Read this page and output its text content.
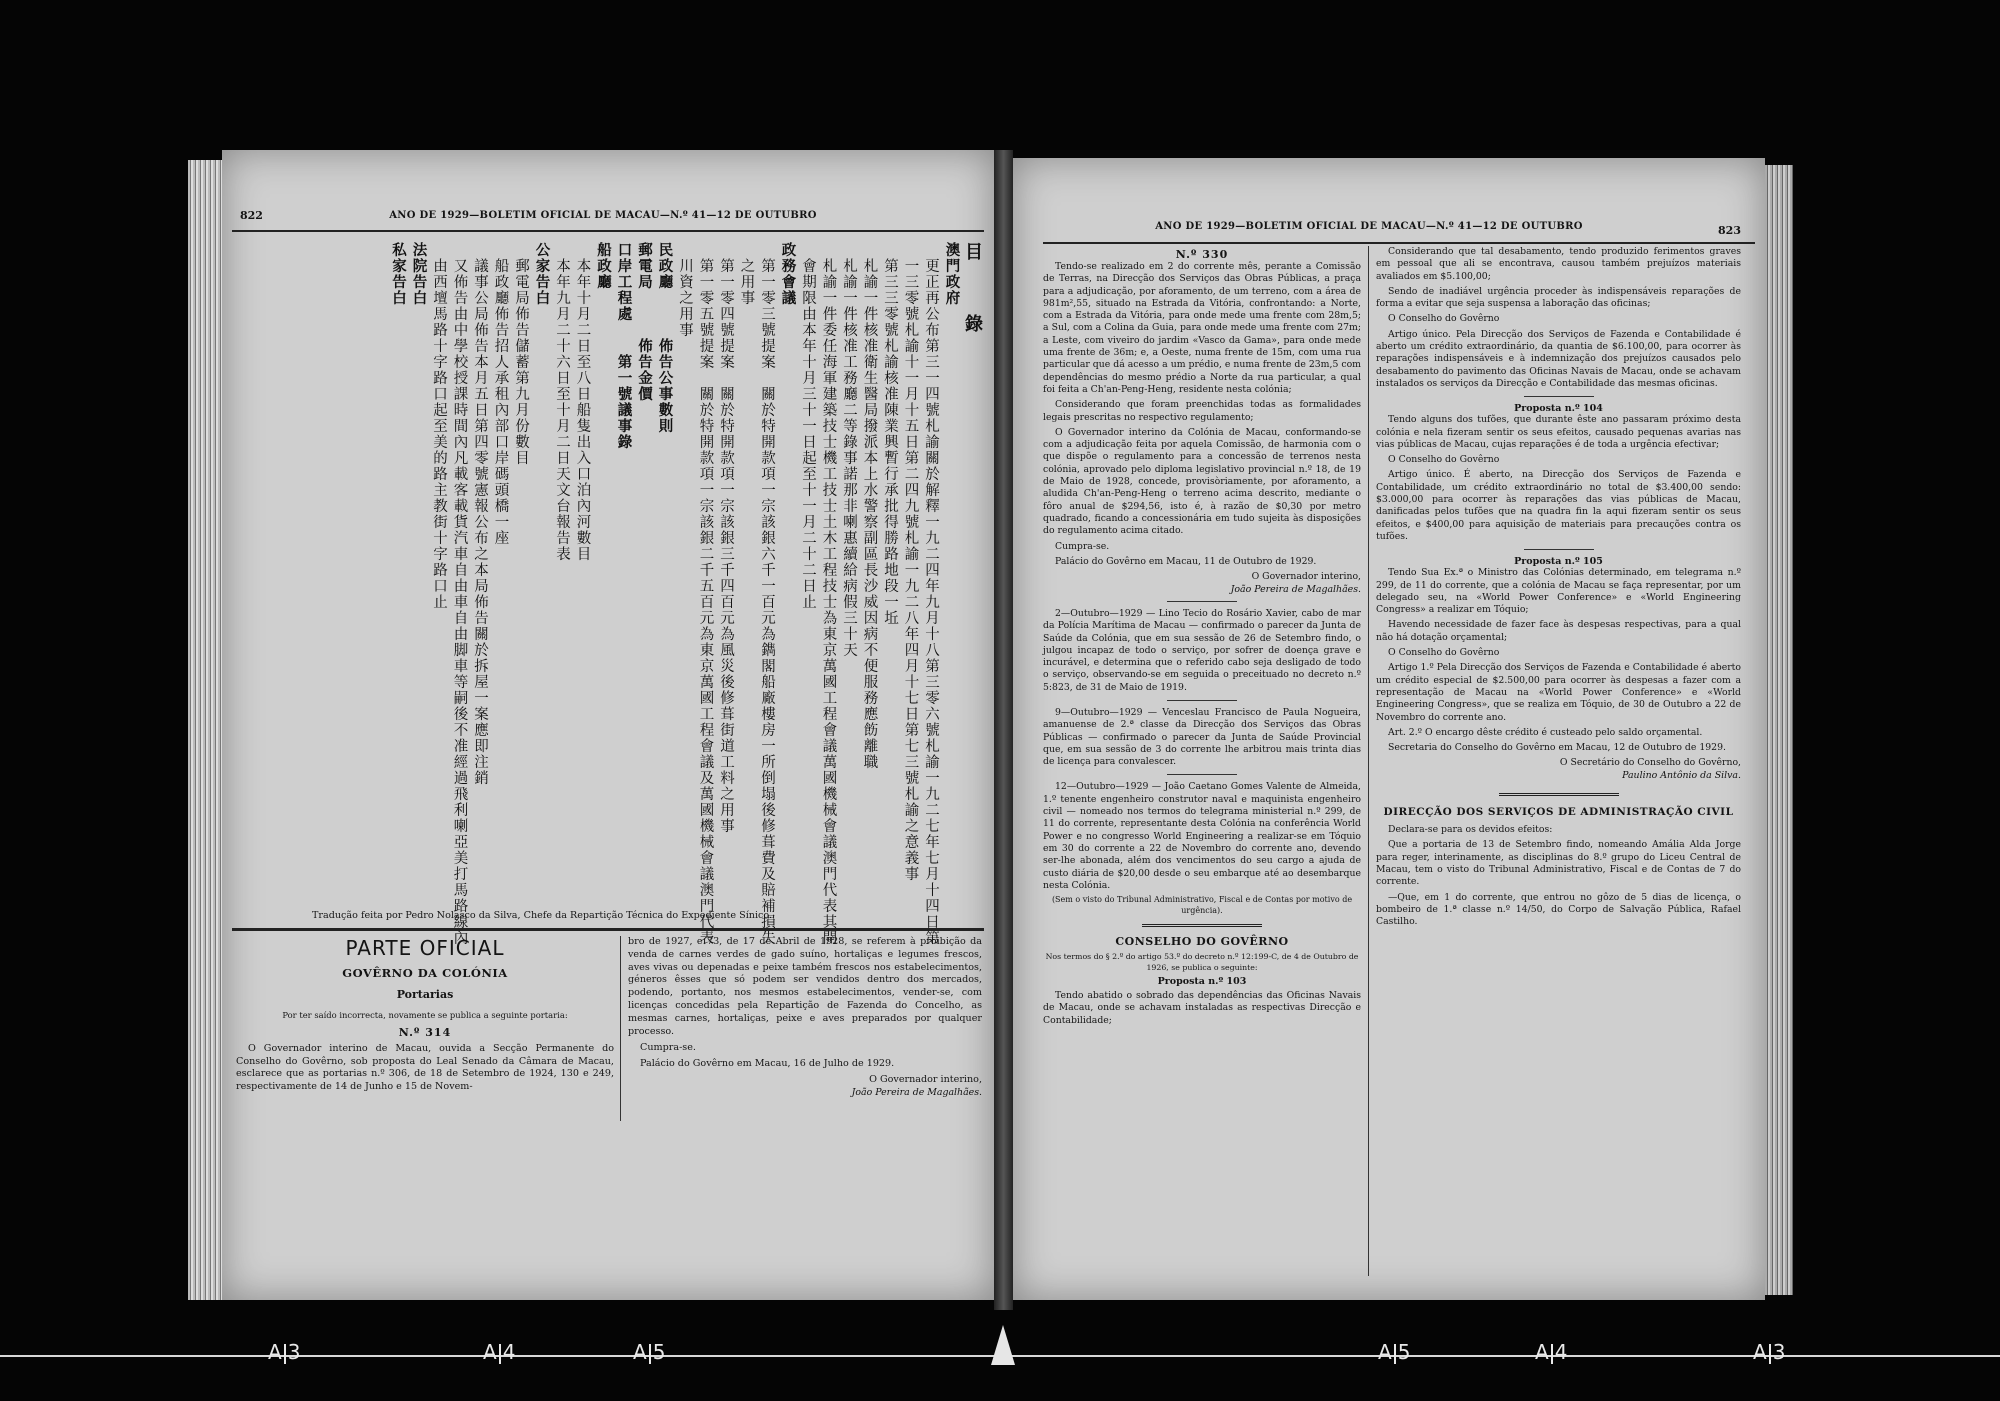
822	ANO DE 1929—BOLETIM OFICIAL DE MACAU—N.º 41—12 DE OUTUBRO
目　　錄
澳門政府
　更正再公布第三一四號札諭關於解釋一九二四年九月十八第三零六號札諭一九二七年七月十四日第
　一三零號札諭十一月十五日第二四九號札諭一九二八年四月十七日第七三號札諭之意義事
　第三三零號札諭核准陳業興暫行承批得勝路地段一坵
　札諭一件核准衛生醫局撥派本上水警察副區長沙威因病不便服務應飭離職
　札諭一件核准工務廳二等錄事諾那非喇惠續給病假三十天
　札諭一件委任海軍建築技士機工技士土木工程技士為東京萬國工程會議萬國機械會議澳門代表其開
　會期限由本年十月三十一日起至十一月二十二日止
政務會議
　第一零三號提案　關於特開款項一宗該銀六千一百元為鐫閣船廠樓房一所倒塌後修葺費及賠補損失
　之用事
　第一零四號提案　關於特開款項一宗該銀三千四百元為風災後修葺街道工料之用事
　第一零五號提案　關於特開款項一宗該銀二千五百元為東京萬國工程會議及萬國機械會議澳門代表
　川資之用事
民政廳　　　佈告公事數則
郵電局　　　佈告金價
口岸工程處　　第一號議事錄
船政廳
　本年十月二日至八日船隻出入口泊內河數目
　本年九月二十六日至十月二日天文台報告表
公家告白
　郵電局佈告儲蓄第九月份數目
　船政廳佈告招人承租內部口岸碼頭橋一座
　議事公局佈告本月五日第四零號憲報公布之本局佈告關於拆屋一案應即注銷
　又佈告由中學校授課時間內凡載客載貨汽車自由車自由脚車等嗣後不准經過飛利喇亞美打馬路線內
　由西壇馬路十字路口起至美的路主教街十字路口止
法院告白
私家告白
Tradução feita por Pedro Nolasco da Silva, Chefe da Repartição Técnica do Expediente Sínico.
PARTE OFICIAL
GOVÊRNO DA COLÓNIA
Portarias
Por ter saído incorrecta, novamente se publica a seguinte portaria:
N.º 314

O Governador interino de Macau, ouvida a Secção Permanente do Conselho do Govêrno, sob proposta do Leal Senado da Câmara de Macau, esclarece que as portarias n.º 306, de 18 de Setembro de 1924, 130 e 249, respectivamente de 14 de Junho e 15 de Novem-

bro de 1927, e 73, de 17 de Abril de 1928, se referem à proibição da venda de carnes verdes de gado suíno, hortaliças e legumes frescos, aves vivas ou depenadas e peixe também frescos nos estabelecimentos, géneros êsses que só podem ser vendidos dentro dos mercados, podendo, portanto, nos mesmos estabelecimentos, vender-se, com licenças concedidas pela Repartição de Fazenda do Concelho, as mesmas carnes, hortaliças, peixe e aves preparados por qualquer processo.

Cumpra-se.

Palácio do Govêrno em Macau, 16 de Julho de 1929.

O Governador interino,
João Pereira de Magalhães.
ANO DE 1929—BOLETIM OFICIAL DE MACAU—N.º 41—12 DE OUTUBRO	823
N.º 330

Tendo-se realizado em 2 do corrente mês, perante a Comissão de Terras, na Direcção dos Serviços das Obras Públicas, a praça para a adjudicação, por aforamento, de um terreno, com a área de 981m²,55, situado na Estrada da Vitória, confrontando: a Norte, com a Estrada da Vitória, para onde mede uma frente com 28m,5; a Sul, com a Colina da Guia, para onde mede uma frente com 27m; a Leste, com viveiro do jardim «Vasco da Gama», para onde mede uma frente de 36m; e, a Oeste, numa frente de 15m, com uma rua particular que dá acesso a um prédio, e numa frente de 23m,5 com dependências do mesmo prédio a Norte da rua particular, a qual foi feita a Ch'an-Peng-Heng, residente nesta colónia;

Considerando que foram preenchidas todas as formalidades legais prescritas no respectivo regulamento;

O Governador interino da Colónia de Macau, conformando-se com a adjudicação feita por aquela Comissão, de harmonia com o que dispõe o regulamento para a concessão de terrenos nesta colónia, aprovado pelo diploma legislativo provincial n.º 18, de 19 de Maio de 1928, concede, provisòriamente, por aforamento, a aludida Ch'an-Peng-Heng o terreno acima descrito, mediante o fôro anual de $294,56, isto é, à razão de $0,30 por metro quadrado, ficando a concessionária em tudo sujeita às disposições do regulamento acima citado.

Cumpra-se.

Palácio do Govêrno em Macau, 11 de Outubro de 1929.

O Governador interino,
João Pereira de Magalhães.

2—Outubro—1929 — Lino Tecio do Rosário Xavier, cabo de mar da Polícia Marítima de Macau — confirmado o parecer da Junta de Saúde da Colónia, que em sua sessão de 26 de Setembro findo, o julgou incapaz de todo o serviço, por sofrer de doença grave e incurável, e determina que o referido cabo seja desligado de todo o serviço, observando-se em seguida o preceituado no decreto n.º 5:823, de 31 de Maio de 1919.

9—Outubro—1929 — Venceslau Francisco de Paula Nogueira, amanuense de 2.ª classe da Direcção dos Serviços das Obras Públicas — confirmado o parecer da Junta de Saúde Provincial que, em sua sessão de 3 do corrente lhe arbitrou mais trinta dias de licença para convalescer.

12—Outubro—1929 — João Caetano Gomes Valente de Almeida, 1.º tenente engenheiro construtor naval e maquinista engenheiro civil — nomeado nos termos do telegrama ministerial n.º 299, de 11 do corrente, representante desta Colónia na conferência World Power e no congresso World Engineering a realizar-se em Tóquio em 30 do corrente a 22 de Novembro do corrente ano, devendo ser-lhe abonada, além dos vencimentos do seu cargo a ajuda de custo diária de $20,00 desde o seu embarque até ao desembarque nesta Colónia.

(Sem o visto do Tribunal Administrativo, Fiscal e de Contas por motivo de urgência).
CONSELHO DO GOVÊRNO
Nos termos do § 2.º do artigo 53.º do decreto n.º 12:199-C, de 4 de Outubro de 1926, se publica o seguinte:
Proposta n.º 103

Tendo abatido o sobrado das dependências das Oficinas Navais de Macau, onde se achavam instaladas as respectivas Direcção e Contabilidade;

Considerando que tal desabamento, tendo produzido ferimentos graves em pessoal que ali se encontrava, causou também prejuízos materiais avaliados em $5.100,00;

Sendo de inadiável urgência proceder às indispensáveis reparações de forma a evitar que seja suspensa a laboração das oficinas;

O Conselho do Govêrno

Artigo único. Pela Direcção dos Serviços de Fazenda e Contabilidade é aberto um crédito extraordinário, da quantia de $6.100,00, para ocorrer às reparações indispensáveis e à indemnização dos prejuízos causados pelo desabamento do pavimento das Oficinas Navais de Macau, onde se achavam instalados os serviços da Direcção e Contabilidade das mesmas oficinas.

Proposta n.º 104

Tendo alguns dos tufões, que durante êste ano passaram próximo desta colónia e nela fizeram sentir os seus efeitos, causado pequenas avarias nas vias públicas de Macau, cujas reparações é de toda a urgência efectivar;

O Conselho do Govêrno

Artigo único. É aberto, na Direcção dos Serviços de Fazenda e Contabilidade, um crédito extraordinário no total de $3.400,00 sendo: $3.000,00 para ocorrer às reparações das vias públicas de Macau, danificadas pelos tufões que na quadra fin la aqui fizeram sentir os seus efeitos, e $400,00 para aquisição de materiais para precauções contra os tufões.

Proposta n.º 105

Tendo Sua Ex.ª o Ministro das Colónias determinado, em telegrama n.º 299, de 11 do corrente, que a colónia de Macau se faça representar, por um delegado seu, na «World Power Conference» e «World Engineering Congress» a realizar em Tóquio;

Havendo necessidade de fazer face às despesas respectivas, para a qual não há dotação orçamental;

O Conselho do Govêrno

Artigo 1.º Pela Direcção dos Serviços de Fazenda e Contabilidade é aberto um crédito especial de $2.500,00 para ocorrer às despesas a fazer com a representação de Macau na «World Power Conference» e «World Engineering Congress», que se realiza em Tóquio, de 30 de Outubro a 22 de Novembro do corrente ano.

Art. 2.º O encargo dêste crédito é custeado pelo saldo orçamental.

Secretaria do Conselho do Govêrno em Macau, 12 de Outubro de 1929.

O Secretário do Conselho do Govêrno,
Paulino Antônio da Silva.
DIRECÇÃO DOS SERVIÇOS DE ADMINISTRAÇÃO CIVIL

Declara-se para os devidos efeitos:

Que a portaria de 13 de Setembro findo, nomeando Amália Alda Jorge para reger, interinamente, as disciplinas do 8.º grupo do Liceu Central de Macau, tem o visto do Tribunal Administrativo, Fiscal e de Contas de 7 do corrente.

—Que, em 1 do corrente, que entrou no gôzo de 5 dias de licença, o bombeiro de 1.ª classe n.º 14/50, do Corpo de Salvação Pública, Rafael Castilho.

A 3	A 4	A 5	A 5	A 4	A 3
